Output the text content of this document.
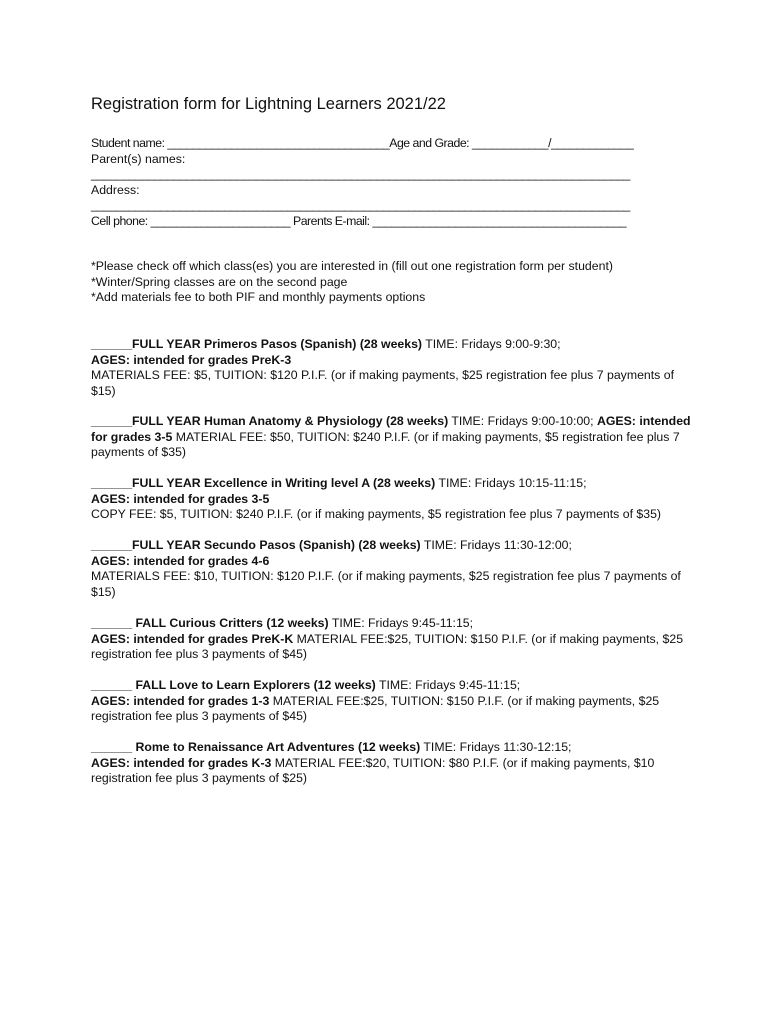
Registration form for Lightning Learners 2021/22
Student name: ___________________________________Age and Grade: ____________/_____________
Parent(s) names:
_____________________________________________________________________________________
Address:
_____________________________________________________________________________________
Cell phone: ______________________ Parents E-mail: ________________________________________
*Please check off which class(es) you are interested in (fill out one registration form per student)
*Winter/Spring classes are on the second page
*Add materials fee to both PIF and monthly payments options
______FULL YEAR Primeros Pasos (Spanish) (28 weeks) TIME: Fridays 9:00-9:30;
AGES: intended for grades PreK-3
MATERIALS FEE: $5, TUITION: $120 P.I.F. (or if making payments, $25 registration fee plus 7 payments of $15)
______FULL YEAR Human Anatomy & Physiology (28 weeks) TIME: Fridays 9:00-10:00; AGES: intended for grades 3-5 MATERIAL FEE: $50, TUITION: $240 P.I.F. (or if making payments, $5 registration fee plus 7 payments of $35)
______FULL YEAR Excellence in Writing level A (28 weeks) TIME: Fridays 10:15-11:15;
AGES: intended for grades 3-5
COPY FEE: $5, TUITION: $240 P.I.F. (or if making payments, $5 registration fee plus 7 payments of $35)
______FULL YEAR Secundo Pasos (Spanish) (28 weeks) TIME: Fridays 11:30-12:00;
AGES: intended for grades 4-6
MATERIALS FEE: $10, TUITION: $120 P.I.F. (or if making payments, $25 registration fee plus 7 payments of $15)
______ FALL Curious Critters (12 weeks) TIME: Fridays 9:45-11:15;
AGES: intended for grades PreK-K MATERIAL FEE:$25, TUITION: $150 P.I.F. (or if making payments, $25 registration fee plus 3 payments of $45)
______ FALL Love to Learn Explorers (12 weeks) TIME: Fridays 9:45-11:15;
AGES: intended for grades 1-3 MATERIAL FEE:$25, TUITION: $150 P.I.F. (or if making payments, $25 registration fee plus 3 payments of $45)
______ Rome to Renaissance Art Adventures (12 weeks) TIME: Fridays 11:30-12:15;
AGES: intended for grades K-3 MATERIAL FEE:$20, TUITION: $80 P.I.F. (or if making payments, $10 registration fee plus 3 payments of $25)
